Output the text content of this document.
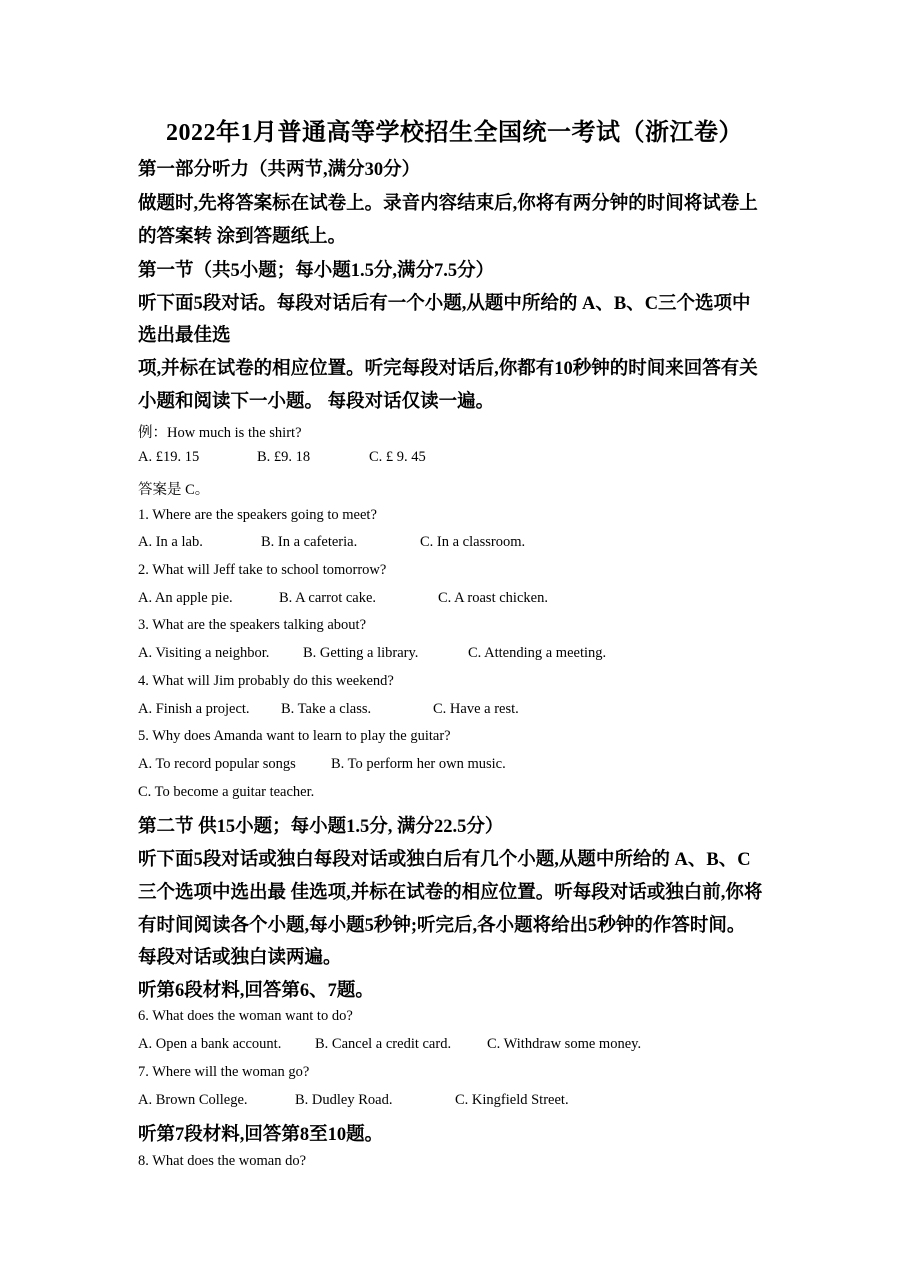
2022年1月普通高等学校招生全国统一考试（浙江卷）
第一部分听力（共两节,满分30分）
做题时,先将答案标在试卷上。录音内容结束后,你将有两分钟的时间将试卷上
的答案转 涂到答题纸上。
第一节（共5小题；每小题1.5分,满分7.5分）
听下面5段对话。每段对话后有一个小题,从题中所给的 A、B、C三个选项中
选出最佳选
项,并标在试卷的相应位置。听完每段对话后,你都有10秒钟的时间来回答有关
小题和阅读下一小题。 每段对话仅读一遍。
例：How much is the shirt?
A. £19. 15	B. £9. 18	C. £ 9. 45
答案是 C。
1. Where are the speakers going to meet?
A. In a lab.	B. In a cafeteria.	C. In a classroom.
2. What will Jeff take to school tomorrow?
A. An apple pie.	B. A carrot cake.	C. A roast chicken.
3. What are the speakers talking about?
A. Visiting a neighbor. B. Getting a library.	C. Attending a meeting.
4. What will Jim probably do this weekend?
A. Finish a project. B. Take a class.	C. Have a rest.
5. Why does Amanda want to learn to play the guitar?
A. To record popular songs B. To perform her own music.
C. To become a guitar teacher.
第二节 供15小题；每小题1.5分, 满分22.5分）
听下面5段对话或独白每段对话或独白后有几个小题,从题中所给的 A、B、C
三个选项中选出最 佳选项,并标在试卷的相应位置。听每段对话或独白前,你将
有时间阅读各个小题,每小题5秒钟;听完后,各小题将给出5秒钟的作答时间。
每段对话或独白读两遍。
听第6段材料,回答第6、7题。
6. What does the woman want to do?
A. Open a bank account. B. Cancel a credit card. C. Withdraw some money.
7. Where will the woman go?
A. Brown College.	B. Dudley Road.	C. Kingfield Street.
听第7段材料,回答第8至10题。
8. What does the woman do?
